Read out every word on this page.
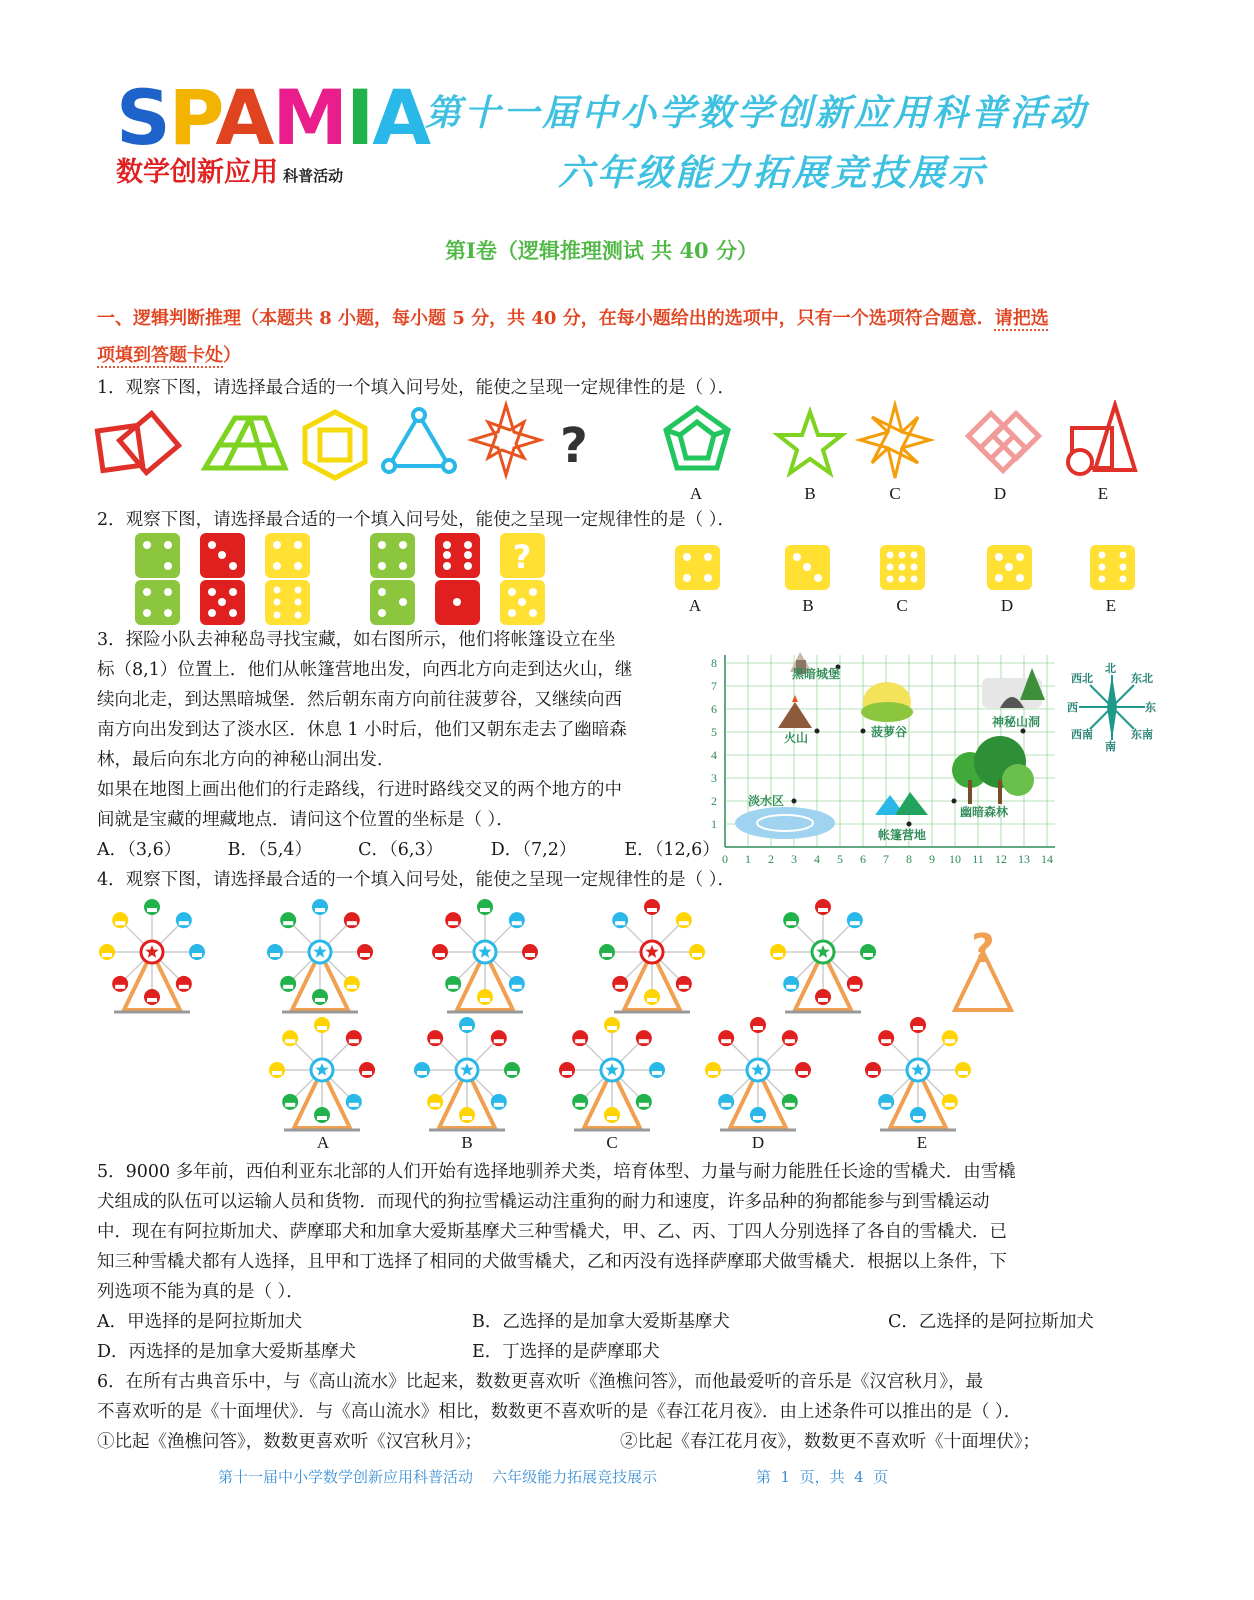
SPAMIA
数学创新应用 科普活动
第十一届中小学数学创新应用科普活动
六年级能力拓展竞技展示
第Ⅰ卷（逻辑推理测试 共 40 分）
一、逻辑判断推理（本题共 8 小题，每小题 5 分，共 40 分，在每小题给出的选项中，只有一个选项符合题意．请把选
项填到答题卡处）
1．观察下图，请选择最合适的一个填入问号处，能使之呈现一定规律性的是（ ）．
?
A	B	C	D	E
2．观察下图，请选择最合适的一个填入问号处，能使之呈现一定规律性的是（ ）．
?
A	B	C	D	E
3．探险小队去神秘岛寻找宝藏，如右图所示，他们将帐篷设立在坐
标（8,1）位置上．他们从帐篷营地出发，向西北方向走到达火山，继
续向北走，到达黑暗城堡．然后朝东南方向前往菠萝谷，又继续向西
南方向出发到达了淡水区．休息 1 小时后，他们又朝东走去了幽暗森
林，最后向东北方向的神秘山洞出发．
如果在地图上画出他们的行走路线，行进时路线交叉的两个地方的中
间就是宝藏的埋藏地点．请问这个位置的坐标是（ ）．
A．（3,6）	B．（5,4）	C．（6,3）	D．（7,2）	E．（12,6） 0 1 2 3 4 5 6 7 8 9 10 11 12 13 14
1
2
3
4
5
6
7
8
黑暗城堡
火山	菠萝谷
神秘山洞
淡水区
幽暗森林
帐篷营地
西北
北
东北
西	东
西南
南
东南
4．观察下图，请选择最合适的一个填入问号处，能使之呈现一定规律性的是（ ）．
?
A	B	C	D	E
5．9000 多年前，西伯利亚东北部的人们开始有选择地驯养犬类，培育体型、力量与耐力能胜任长途的雪橇犬．由雪橇
犬组成的队伍可以运输人员和货物．而现代的狗拉雪橇运动注重狗的耐力和速度，许多品种的狗都能参与到雪橇运动
中．现在有阿拉斯加犬、萨摩耶犬和加拿大爱斯基摩犬三种雪橇犬，甲、乙、丙、丁四人分别选择了各自的雪橇犬．已
知三种雪橇犬都有人选择，且甲和丁选择了相同的犬做雪橇犬，乙和丙没有选择萨摩耶犬做雪橇犬．根据以上条件，下
列选项不能为真的是（ ）．
A．甲选择的是阿拉斯加犬	B．乙选择的是加拿大爱斯基摩犬	C．乙选择的是阿拉斯加犬
D．丙选择的是加拿大爱斯基摩犬	E．丁选择的是萨摩耶犬
6．在所有古典音乐中，与《高山流水》比起来，数数更喜欢听《渔樵问答》，而他最爱听的音乐是《汉宫秋月》，最
不喜欢听的是《十面埋伏》．与《高山流水》相比，数数更不喜欢听的是《春江花月夜》．由上述条件可以推出的是（ ）．
①比起《渔樵问答》，数数更喜欢听《汉宫秋月》；	②比起《春江花月夜》，数数更不喜欢听《十面埋伏》；
第十一届中小学数学创新应用科普活动    六年级能力拓展竞技展示	第  1  页，共  4  页
